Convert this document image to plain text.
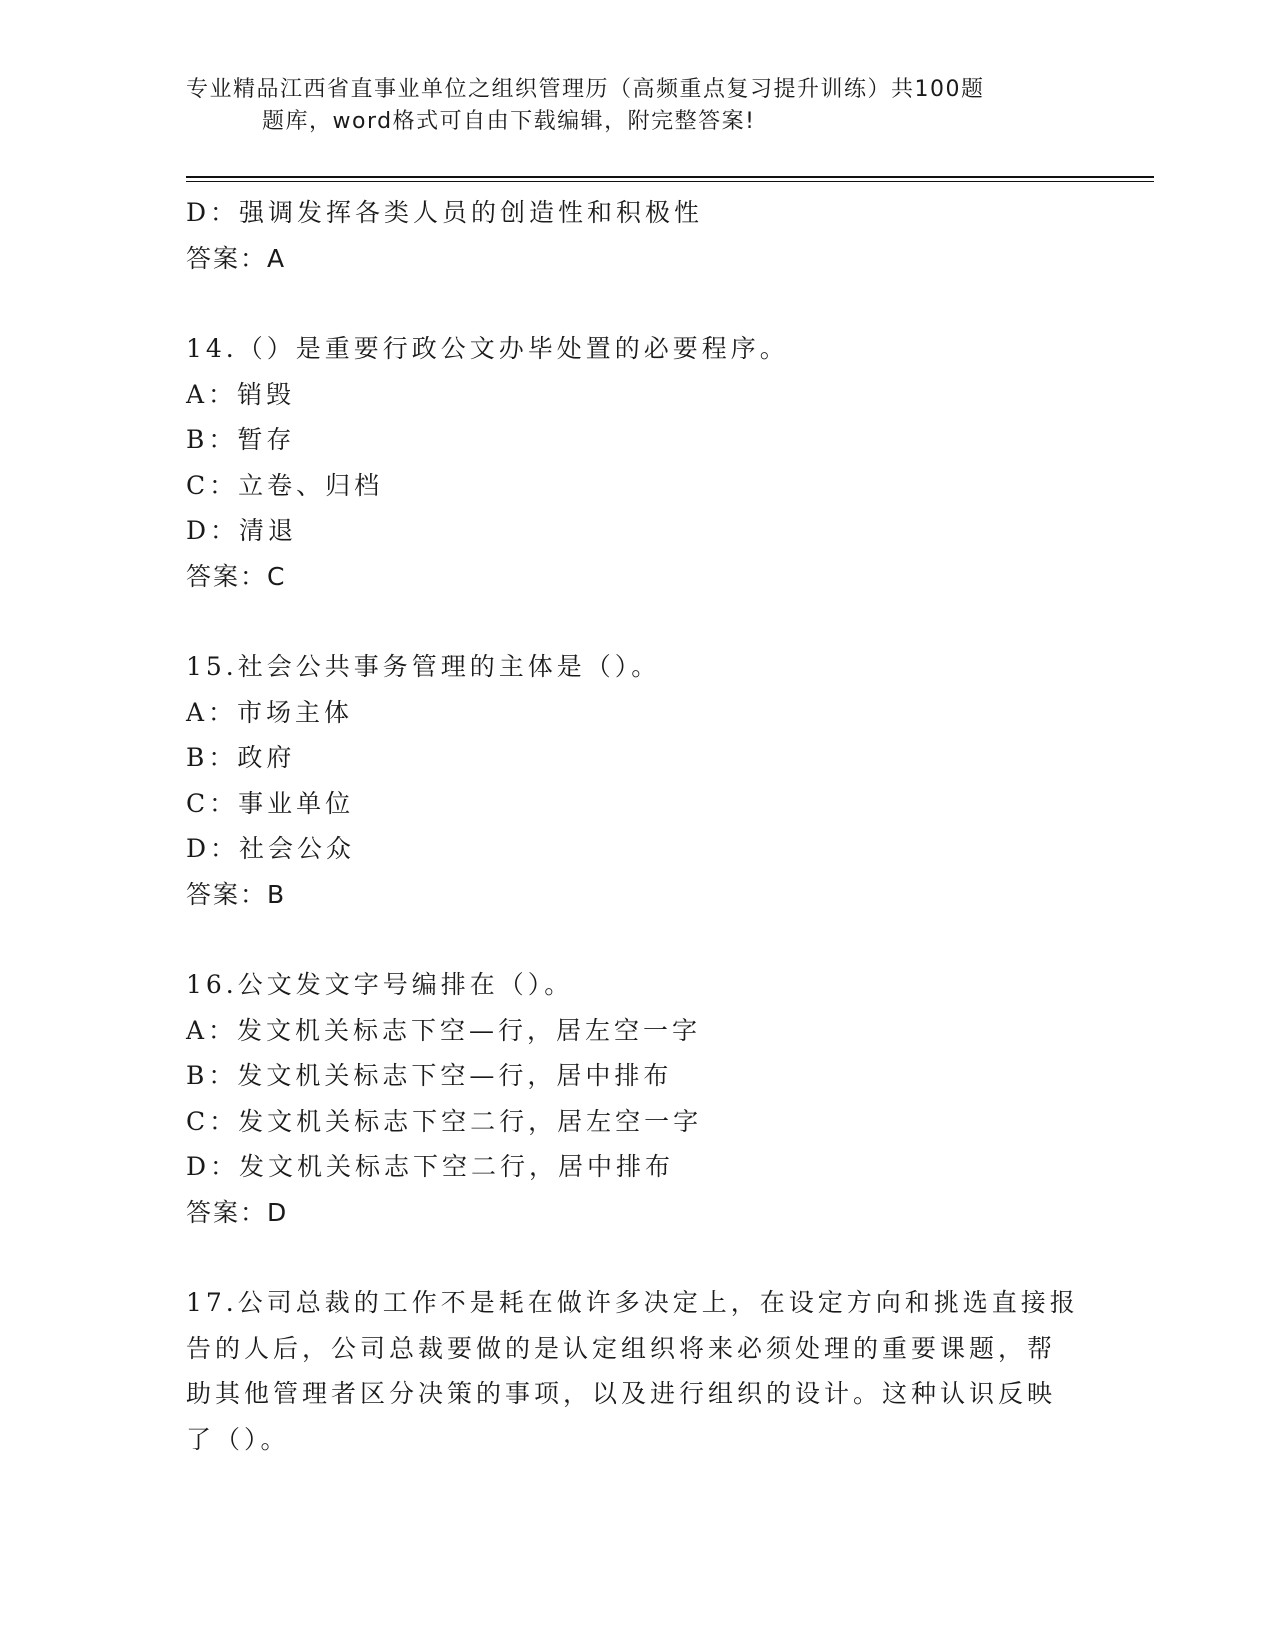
专业精品江西省直事业单位之组织管理历（高频重点复习提升训练）共100题
题库，word格式可自由下载编辑，附完整答案!
D：强调发挥各类人员的创造性和积极性
答案：A
14.（）是重要行政公文办毕处置的必要程序。
A：销毁
B：暂存
C：立卷、归档
D：清退
答案：C
15.社会公共事务管理的主体是（）。
A：市场主体
B：政府
C：事业单位
D：社会公众
答案：B
16.公文发文字号编排在（）。
A：发文机关标志下空—行，居左空一字
B：发文机关标志下空—行，居中排布
C：发文机关标志下空二行，居左空一字
D：发文机关标志下空二行，居中排布
答案：D
17.公司总裁的工作不是耗在做许多决定上，在设定方向和挑选直接报
告的人后，公司总裁要做的是认定组织将来必须处理的重要课题，帮
助其他管理者区分决策的事项，以及进行组织的设计。这种认识反映
了（）。
